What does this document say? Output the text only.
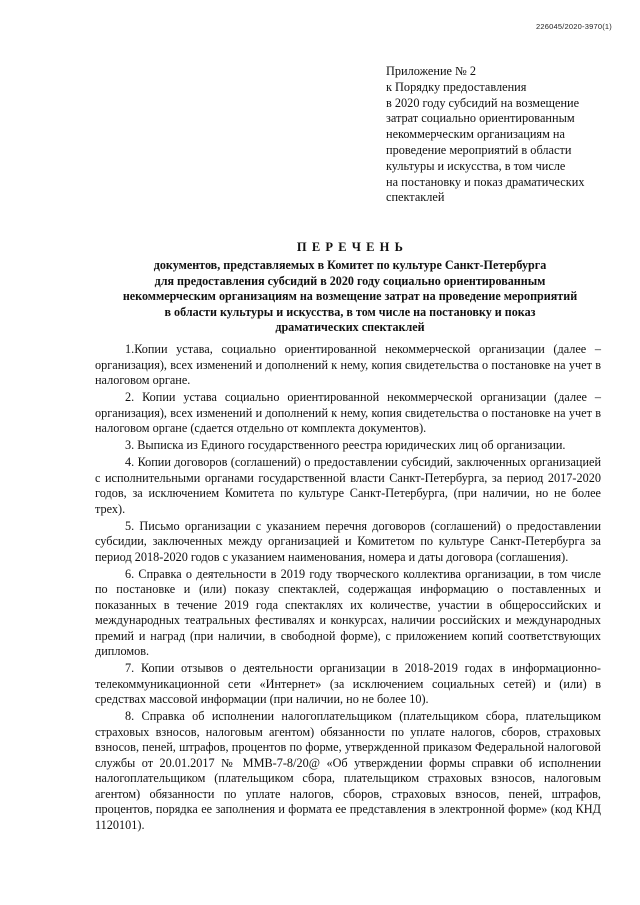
226045/2020-3970(1)
Приложение № 2
к Порядку предоставления
в 2020 году субсидий на возмещение
затрат социально ориентированным
некоммерческим организациям на
проведение мероприятий в области
культуры и искусства, в том числе
на постановку и показ драматических
спектаклей
ПЕРЕЧЕНЬ
документов, представляемых в Комитет по культуре Санкт-Петербурга
для предоставления субсидий в 2020 году социально ориентированным
некоммерческим организациям на возмещение затрат на проведение мероприятий
в области культуры и искусства, в том числе на постановку и показ
драматических спектаклей

1.Копии устава, социально ориентированной некоммерческой организации (далее – организация), всех изменений и дополнений к нему, копия свидетельства о постановке на учет в налоговом органе.

2. Копии устава социально ориентированной некоммерческой организации (далее – организация), всех изменений и дополнений к нему, копия свидетельства о постановке на учет в налоговом органе (сдается отдельно от комплекта документов).

3. Выписка из Единого государственного реестра юридических лиц об организации.

4. Копии договоров (соглашений) о предоставлении субсидий, заключенных организацией с исполнительными органами государственной власти Санкт-Петербурга, за период 2017-2020 годов, за исключением Комитета по культуре Санкт-Петербурга, (при наличии, но не более трех).

5. Письмо организации с указанием перечня договоров (соглашений) о предоставлении субсидии, заключенных между организацией и Комитетом по культуре Санкт-Петербурга за период 2018-2020 годов с указанием наименования, номера и даты договора (соглашения).

6. Справка о деятельности в 2019 году творческого коллектива организации, в том числе по постановке и (или) показу спектаклей, содержащая информацию о поставленных и показанных в течение 2019 года спектаклях их количестве, участии в общероссийских и международных театральных фестивалях и конкурсах, наличии российских и международных премий и наград (при наличии, в свободной форме), с приложением копий соответствующих дипломов.

7. Копии отзывов о деятельности организации в 2018-2019 годах в информационно-телекоммуникационной сети «Интернет» (за исключением социальных сетей) и (или) в средствах массовой информации (при наличии, но не более 10).

8. Справка об исполнении налогоплательщиком (плательщиком сбора, плательщиком страховых взносов, налоговым агентом) обязанности по уплате налогов, сборов, страховых взносов, пеней, штрафов, процентов по форме, утвержденной приказом Федеральной налоговой службы от 20.01.2017 № ММВ-7-8/20@ «Об утверждении формы справки об исполнении налогоплательщиком (плательщиком сбора, плательщиком страховых взносов, налоговым агентом) обязанности по уплате налогов, сборов, страховых взносов, пеней, штрафов, процентов, порядка ее заполнения и формата ее представления в электронной форме» (код КНД 1120101).
